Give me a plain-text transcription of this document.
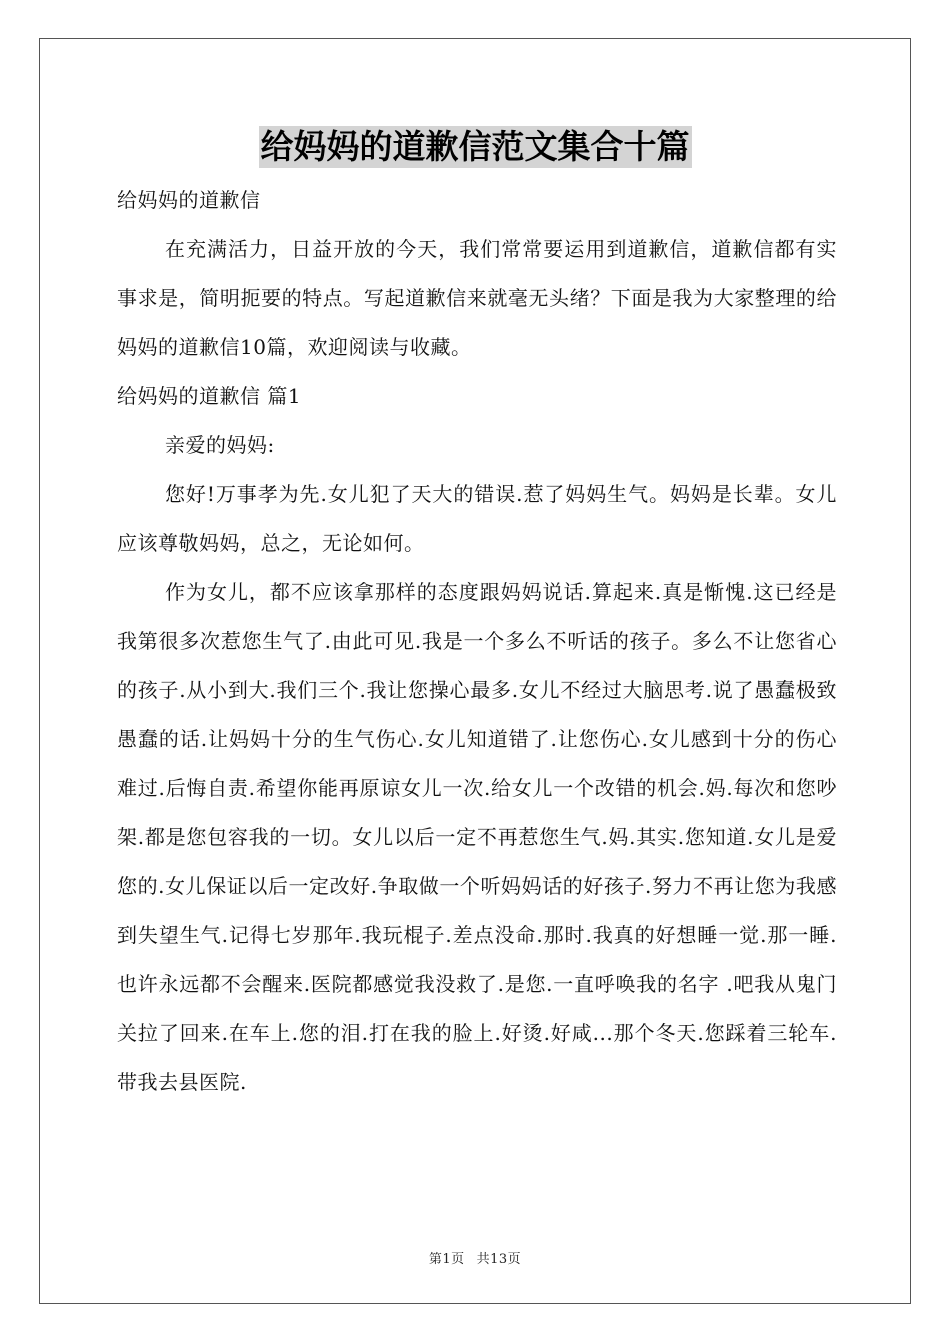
给妈妈的道歉信范文集合十篇

给妈妈的道歉信

在充满活力，日益开放的今天，我们常常要运用到道歉信，道歉信都有实事求是，简明扼要的特点。写起道歉信来就毫无头绪？下面是我为大家整理的给妈妈的道歉信10篇，欢迎阅读与收藏。

给妈妈的道歉信 篇1

亲爱的妈妈:

您好!万事孝为先.女儿犯了天大的错误.惹了妈妈生气。妈妈是长辈。女儿应该尊敬妈妈，总之，无论如何。

作为女儿，都不应该拿那样的态度跟妈妈说话.算起来.真是惭愧.这已经是我第很多次惹您生气了.由此可见.我是一个多么不听话的孩子。多么不让您省心的孩子.从小到大.我们三个.我让您操心最多.女儿不经过大脑思考.说了愚蠢极致愚蠢的话.让妈妈十分的生气伤心.女儿知道错了.让您伤心.女儿感到十分的伤心难过.后悔自责.希望你能再原谅女儿一次.给女儿一个改错的机会.妈.每次和您吵架.都是您包容我的一切。女儿以后一定不再惹您生气.妈.其实.您知道.女儿是爱您的.女儿保证以后一定改好.争取做一个听妈妈话的好孩子.努力不再让您为我感到失望生气.记得七岁那年.我玩棍子.差点没命.那时.我真的好想睡一觉.那一睡.也许永远都不会醒来.医院都感觉我没救了.是您.一直呼唤我的名字 .吧我从鬼门关拉了回来.在车上.您的泪.打在我的脸上.好烫.好咸...那个冬天.您踩着三轮车.带我去县医院.

第1页 共13页
